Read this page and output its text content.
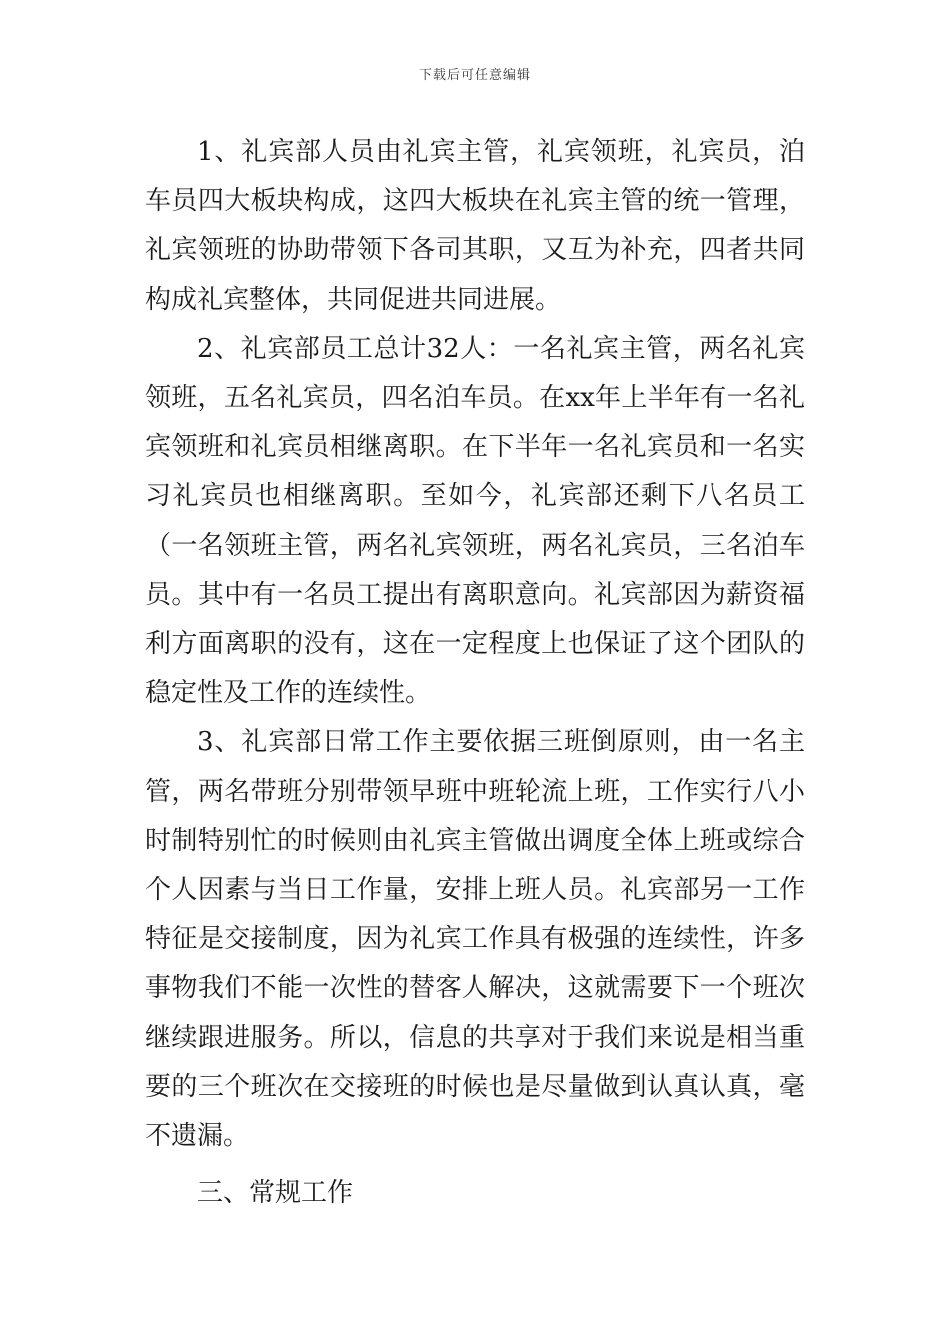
下载后可任意编辑

1、礼宾部人员由礼宾主管，礼宾领班，礼宾员，泊车员四大板块构成，这四大板块在礼宾主管的统一管理，礼宾领班的协助带领下各司其职，又互为补充，四者共同构成礼宾整体，共同促进共同进展。

2、礼宾部员工总计32人：一名礼宾主管，两名礼宾领班，五名礼宾员，四名泊车员。在xx年上半年有一名礼宾领班和礼宾员相继离职。在下半年一名礼宾员和一名实习礼宾员也相继离职。至如今，礼宾部还剩下八名员工（一名领班主管，两名礼宾领班，两名礼宾员，三名泊车员。其中有一名员工提出有离职意向。礼宾部因为薪资福利方面离职的没有，这在一定程度上也保证了这个团队的稳定性及工作的连续性。

3、礼宾部日常工作主要依据三班倒原则，由一名主管，两名带班分别带领早班中班轮流上班，工作实行八小时制特别忙的时候则由礼宾主管做出调度全体上班或综合个人因素与当日工作量，安排上班人员。礼宾部另一工作特征是交接制度，因为礼宾工作具有极强的连续性，许多事物我们不能一次性的替客人解决，这就需要下一个班次继续跟进服务。所以，信息的共享对于我们来说是相当重要的三个班次在交接班的时候也是尽量做到认真认真，毫不遗漏。

三、常规工作
